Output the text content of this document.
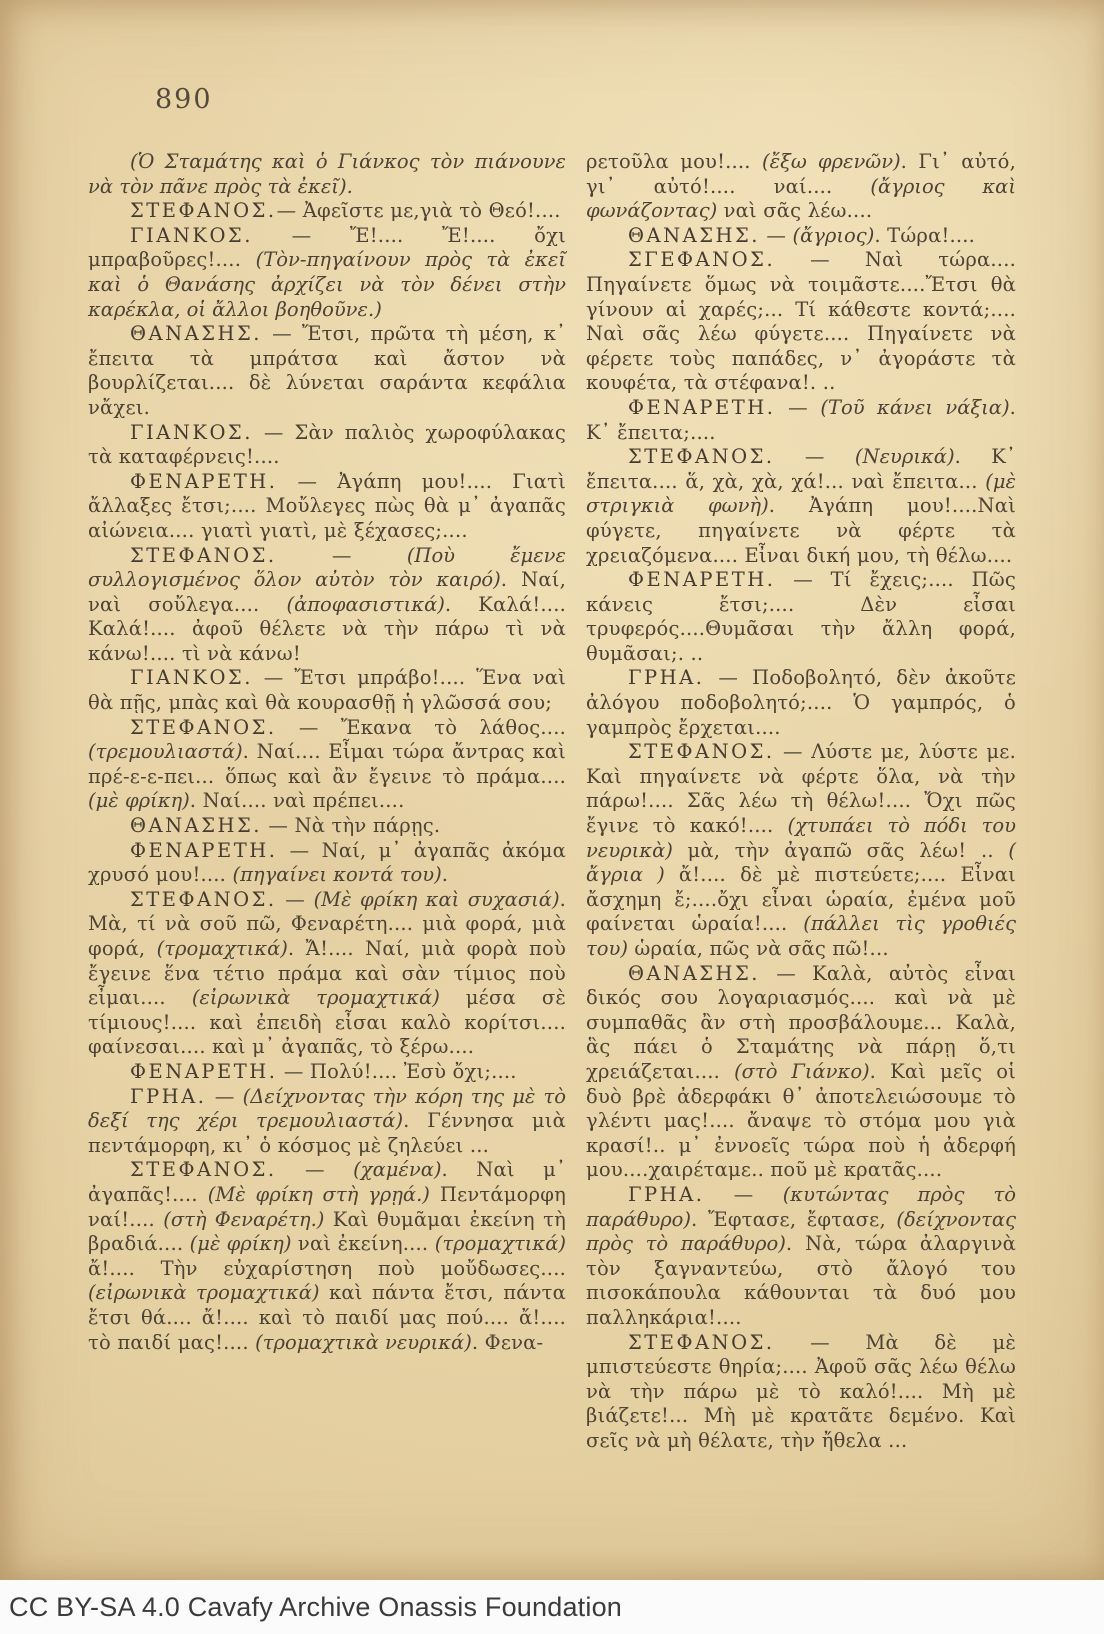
890

(Ὁ Σταμάτης καὶ ὁ Γιάνκος τὸν πιάνουνε νὰ τὸν πᾶνε πρὸς τὰ ἐκεῖ).

ΣΤΕΦΑΝΟΣ.— Ἀφεῖστε με,γιὰ τὸ Θεό!....

ΓΙΑΝΚΟΣ. — Ἔ!.... Ἔ!.... ὄχι μπραβοῦρες!.... (Τὸν-πηγαίνουν πρὸς τὰ ἐκεῖ καὶ ὁ Θανάσης ἀρχίζει νὰ τὸν δένει στὴν καρέκλα, οἱ ἄλλοι βοηθοῦνε.)

ΘΑΝΑΣΗΣ. — Ἔτσι, πρῶτα τὴ μέση, κ᾽ ἔπειτα τὰ μπράτσα καὶ ἄστον νὰ βουρλίζεται.... δὲ λύνεται σαράντα κεφάλια νἄχει.

ΓΙΑΝΚΟΣ. — Σὰν παλιὸς χωροφύλακας τὰ καταφέρνεις!....

ΦΕΝΑΡΕΤΗ. — Ἀγάπη μου!.... Γιατὶ ἄλλαξες ἔτσι;.... Μοὔλεγες πὼς θὰ μ᾽ ἀγαπᾶς αἰώνεια.... γιατὶ γιατὶ, μὲ ξέχασες;....

ΣΤΕΦΑΝΟΣ. — (Ποὺ ἔμενε συλλογισμένος ὅλον αὐτὸν τὸν καιρό). Ναί, ναὶ σοὔλεγα.... (ἀποφασιστικά). Καλά!.... Καλά!.... ἀφοῦ θέλετε νὰ τὴν πάρω τὶ νὰ κάνω!.... τὶ νὰ κάνω!

ΓΙΑΝΚΟΣ. — Ἔτσι μπράβο!.... Ἕνα ναὶ θὰ πῇς, μπὰς καὶ θὰ κουρασθῇ ἡ γλῶσσά σου;

ΣΤΕΦΑΝΟΣ. — Ἔκανα τὸ λάθος.... (τρεμουλιαστά). Ναί.... Εἶμαι τώρα ἄντρας καὶ πρέ-ε-ε-πει... ὅπως καὶ ἂν ἔγεινε τὸ πράμα.... (μὲ φρίκη). Ναί.... ναὶ πρέπει....

ΘΑΝΑΣΗΣ. — Νὰ τὴν πάρῃς.

ΦΕΝΑΡΕΤΗ. — Ναί, μ᾽ ἀγαπᾶς ἀκόμα χρυσό μου!.... (πηγαίνει κοντά του).

ΣΤΕΦΑΝΟΣ. — (Μὲ φρίκη καὶ συχασιά). Μὰ, τί νὰ σοῦ πῶ, Φεναρέτη.... μιὰ φορά, μιὰ φορά, (τρομαχτικά). Ἄ!.... Ναί, μιὰ φορὰ ποὺ ἔγεινε ἕνα τέτιο πράμα καὶ σὰν τίμιος ποὺ εἶμαι.... (εἰρωνικὰ τρομαχτικά) μέσα σὲ τίμιους!.... καὶ ἐπειδὴ εἶσαι καλὸ κορίτσι.... φαίνεσαι.... καὶ μ᾽ ἀγαπᾶς, τὸ ξέρω....

ΦΕΝΑΡΕΤΗ. — Πολύ!.... Ἐσὺ ὄχι;....

ΓΡΗΑ. — (Δείχνοντας τὴν κόρη της μὲ τὸ δεξί της χέρι τρεμουλιαστά). Γέννησα μιὰ πεντάμορφη, κι᾽ ὁ κόσμος μὲ ζηλεύει ...

ΣΤΕΦΑΝΟΣ. — (χαμένα). Ναὶ μ᾽ ἀγαπᾶς!.... (Μὲ φρίκη στὴ γρῃά.) Πεντάμορφη ναί!.... (στὴ Φεναρέτη.) Καὶ θυμᾶμαι ἐκείνη τὴ βραδιά.... (μὲ φρίκη) ναὶ ἐκείνη.... (τρομαχτικά) ἄ!.... Τὴν εὐχαρίστηση ποὺ μοὔδωσες.... (εἰρωνικὰ τρομαχτικά) καὶ πάντα ἔτσι, πάντα ἔτσι θά.... ἄ!.... καὶ τὸ παιδί μας πού.... ἄ!.... τὸ παιδί μας!.... (τρομαχτικὰ νευρικά). Φενα-

ρετοῦλα μου!.... (ἔξω φρενῶν). Γι᾽ αὐτό, γι᾽ αὐτό!.... ναί.... (ἄγριος καὶ φωνάζοντας) ναὶ σᾶς λέω....

ΘΑΝΑΣΗΣ. — (ἄγριος). Τώρα!....

ΣΓΕΦΑΝΟΣ. — Ναὶ τώρα.... Πηγαίνετε ὅμως νὰ τοιμᾶστε....Ἔτσι θὰ γίνουν αἱ χαρές;... Τί κάθεστε κοντά;.... Ναὶ σᾶς λέω φύγετε.... Πηγαίνετε νὰ φέρετε τοὺς παπάδες, ν᾽ ἀγοράστε τὰ κουφέτα, τὰ στέφανα!. ..

ΦΕΝΑΡΕΤΗ. — (Τοῦ κάνει νάξια). Κ᾽ ἔπειτα;....

ΣΤΕΦΑΝΟΣ. — (Νευρικά). Κ᾽ ἔπειτα.... ἅ, χὰ, χὰ, χά!... ναὶ ἔπειτα... (μὲ στριγκιὰ φωνὴ). Ἀγάπη μου!....Ναὶ φύγετε, πηγαίνετε νὰ φέρτε τὰ χρειαζόμενα.... Εἶναι δική μου, τὴ θέλω....

ΦΕΝΑΡΕΤΗ. — Τί ἔχεις;.... Πῶς κάνεις ἔτσι;.... Δὲν εἶσαι τρυφερός....Θυμᾶσαι τὴν ἄλλη φορά, θυμᾶσαι;. ..

ΓΡΗΑ. — Ποδοβολητό, δὲν ἀκοῦτε ἀλόγου ποδοβολητό;.... Ὁ γαμπρός, ὁ γαμπρὸς ἔρχεται....

ΣΤΕΦΑΝΟΣ. — Λύστε με, λύστε με. Καὶ πηγαίνετε νὰ φέρτε ὅλα, νὰ τὴν πάρω!.... Σᾶς λέω τὴ θέλω!.... Ὄχι πῶς ἔγινε τὸ κακό!.... (χτυπάει τὸ πόδι του νευρικὰ) μὰ, τὴν ἀγαπῶ σᾶς λέω! .. ( ἄγρια ) ἄ!.... δὲ μὲ πιστεύετε;.... Εἶναι ἄσχημη ἔ;....ὄχι εἶναι ὡραία, ἐμένα μοῦ φαίνεται ὡραία!.... (πάλλει τὶς γροθιές του) ὡραία, πῶς νὰ σᾶς πῶ!...

ΘΑΝΑΣΗΣ. — Καλὰ, αὐτὸς εἶναι δικός σου λογαριασμός.... καὶ νὰ μὲ συμπαθᾶς ἂν στὴ προσβάλουμε... Καλὰ, ἃς πάει ὁ Σταμάτης νὰ πάρῃ ὅ,τι χρειάζεται.... (στὸ Γιάνκο). Καὶ μεῖς οἱ δυὸ βρὲ ἀδερφάκι θ᾽ ἀποτελειώσουμε τὸ γλέντι μας!.... ἄναψε τὸ στόμα μου γιὰ κρασί!.. μ᾽ ἐννοεῖς τώρα ποὺ ἡ ἀδερφή μου....χαιρέταμε.. ποῦ μὲ κρατᾶς....

ΓΡΗΑ. — (κυτώντας πρὸς τὸ παράθυρο). Ἔφτασε, ἔφτασε, (δείχνοντας πρὸς τὸ παράθυρο). Νὰ, τώρα ἀλαργινὰ τὸν ξαγναντεύω, στὸ ἄλογό του πισοκάπουλα κάθουνται τὰ δυό μου παλληκάρια!....

ΣΤΕΦΑΝΟΣ. — Μὰ δὲ μὲ μπιστεύεστε θηρία;.... Ἀφοῦ σᾶς λέω θέλω νὰ τὴν πάρω μὲ τὸ καλό!.... Μὴ μὲ βιάζετε!... Μὴ μὲ κρατᾶτε δεμένο. Καὶ σεῖς νὰ μὴ θέλατε, τὴν ἤθελα ...

CC BY-SA 4.0 Cavafy Archive Onassis Foundation
